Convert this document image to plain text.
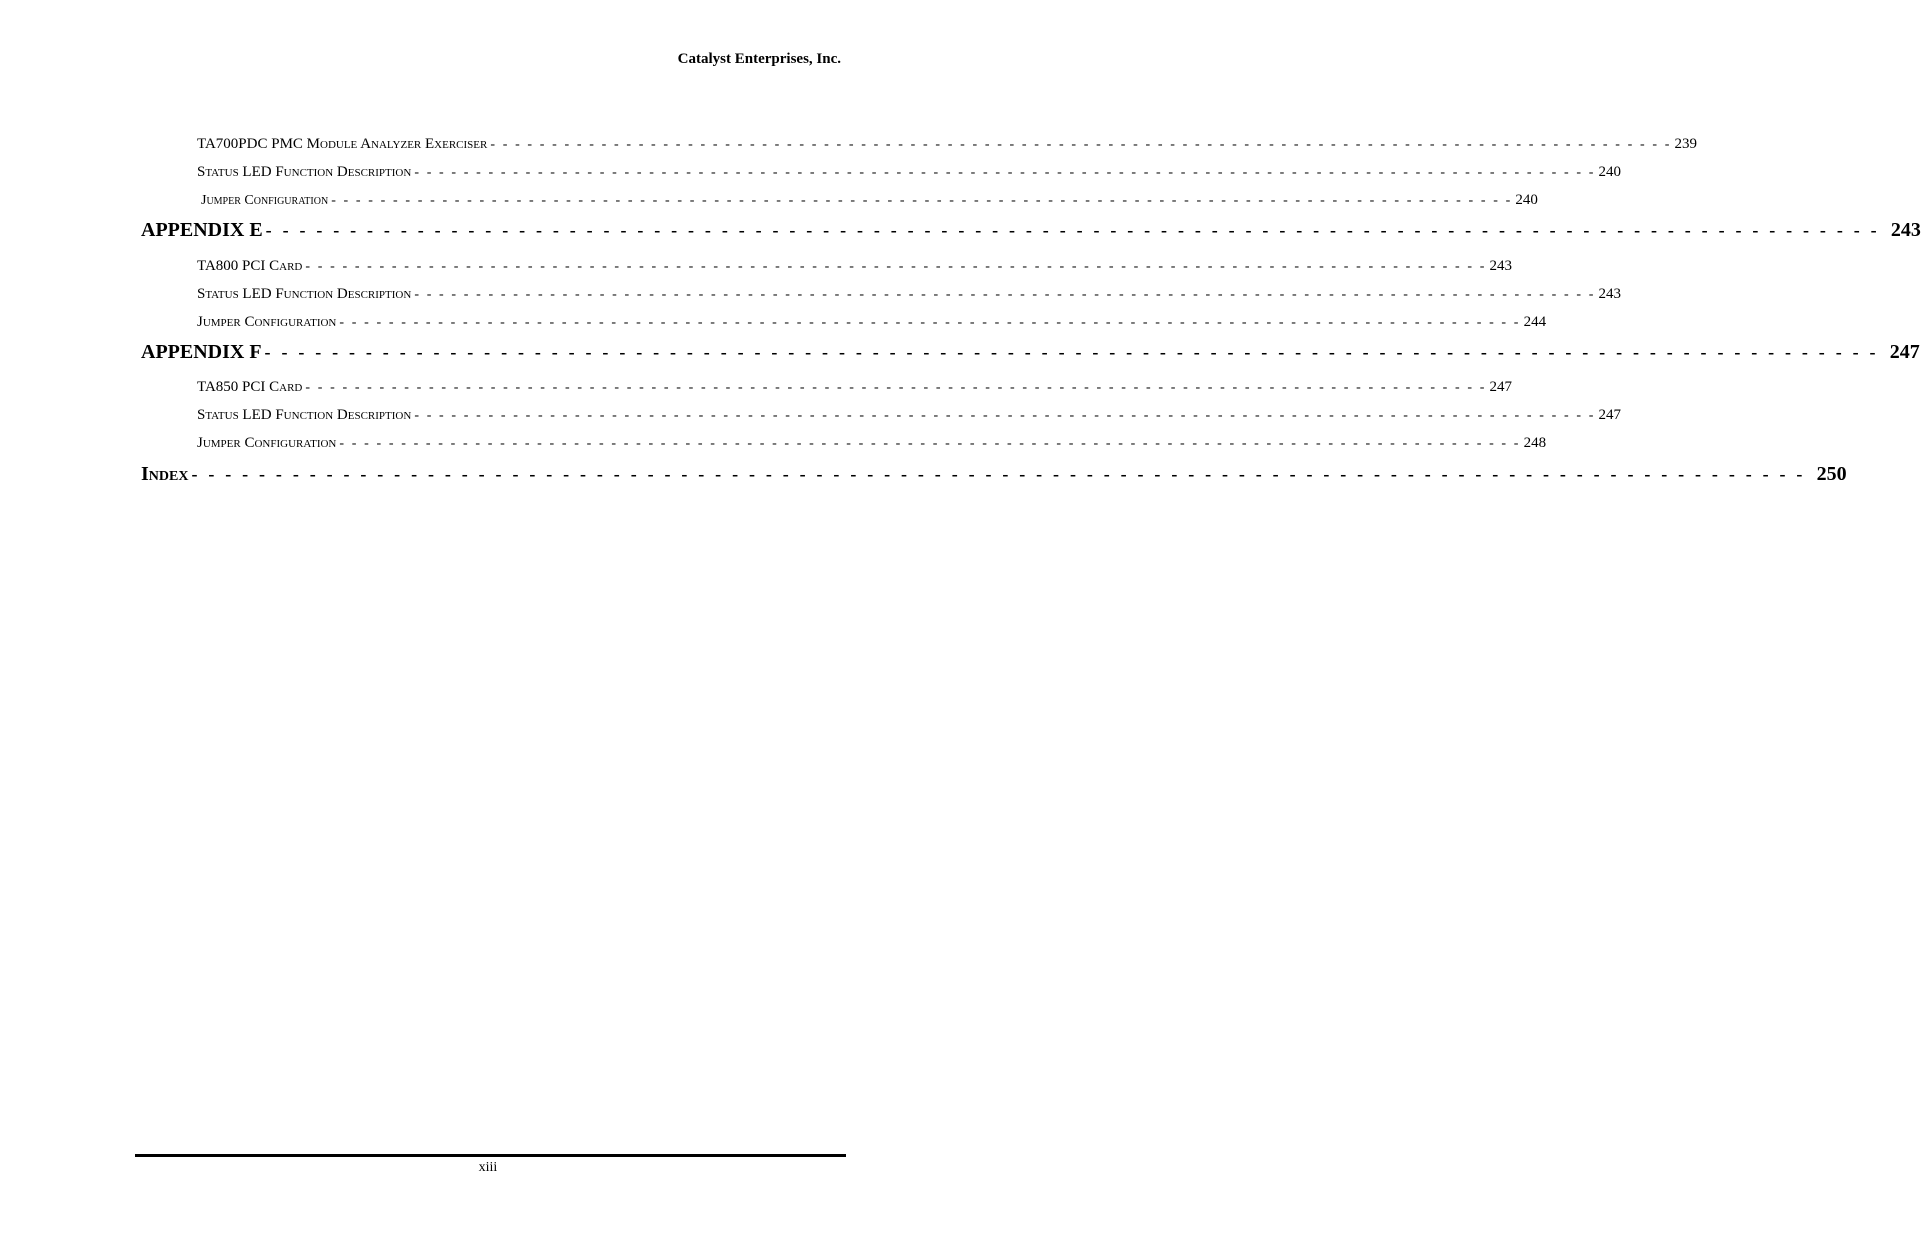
Catalyst Enterprises, Inc.
TA700PDC PMC Module Analyzer Exerciser - - - - - - - - - - - - - - - - - - - - - - - - - - - - - - - - - - - - - - - - - - - - - - - - - - - - - - - - - - - - - - - - - - - - - - - - - - - - - - - - - - - - - - - - - - - - - - - - 239
Status LED Function Description - - - - - - - - - - - - - - - - - - - - - - - - - - - - - - - - - - - - - - - - - - - - - - - - - - - - - - - - - - - - - - - - - - - - - - - - - - - - - - - - - - - - - - - - - - - - - - - - 240
Jumper Configuration - - - - - - - - - - - - - - - - - - - - - - - - - - - - - - - - - - - - - - - - - - - - - - - - - - - - - - - - - - - - - - - - - - - - - - - - - - - - - - - - - - - - - - - - - - - - - - - - 240
APPENDIX E - - - - - - - - - - - - - - - - - - - - - - - - - - - - - - - - - - - - - - - - - - - - - - - - - - - - - - - - - - - - - - - - - - - - - - - - - - - - - - - - - - - - - - - - - - - - - - - - 243
TA800 PCI Card - - - - - - - - - - - - - - - - - - - - - - - - - - - - - - - - - - - - - - - - - - - - - - - - - - - - - - - - - - - - - - - - - - - - - - - - - - - - - - - - - - - - - - - - - - - - - - - - 243
Status LED Function Description - - - - - - - - - - - - - - - - - - - - - - - - - - - - - - - - - - - - - - - - - - - - - - - - - - - - - - - - - - - - - - - - - - - - - - - - - - - - - - - - - - - - - - - - - - - - - - - - 243
Jumper Configuration - - - - - - - - - - - - - - - - - - - - - - - - - - - - - - - - - - - - - - - - - - - - - - - - - - - - - - - - - - - - - - - - - - - - - - - - - - - - - - - - - - - - - - - - - - - - - - - - 244
APPENDIX F - - - - - - - - - - - - - - - - - - - - - - - - - - - - - - - - - - - - - - - - - - - - - - - - - - - - - - - - - - - - - - - - - - - - - - - - - - - - - - - - - - - - - - - - - - - - - - - - 247
TA850 PCI Card - - - - - - - - - - - - - - - - - - - - - - - - - - - - - - - - - - - - - - - - - - - - - - - - - - - - - - - - - - - - - - - - - - - - - - - - - - - - - - - - - - - - - - - - - - - - - - - - 247
Status LED Function Description - - - - - - - - - - - - - - - - - - - - - - - - - - - - - - - - - - - - - - - - - - - - - - - - - - - - - - - - - - - - - - - - - - - - - - - - - - - - - - - - - - - - - - - - - - - - - - - - 247
Jumper Configuration - - - - - - - - - - - - - - - - - - - - - - - - - - - - - - - - - - - - - - - - - - - - - - - - - - - - - - - - - - - - - - - - - - - - - - - - - - - - - - - - - - - - - - - - - - - - - - - - 248
Index - - - - - - - - - - - - - - - - - - - - - - - - - - - - - - - - - - - - - - - - - - - - - - - - - - - - - - - - - - - - - - - - - - - - - - - - - - - - - - - - - - - - - - - - - - - - - - - - 250
xiii
